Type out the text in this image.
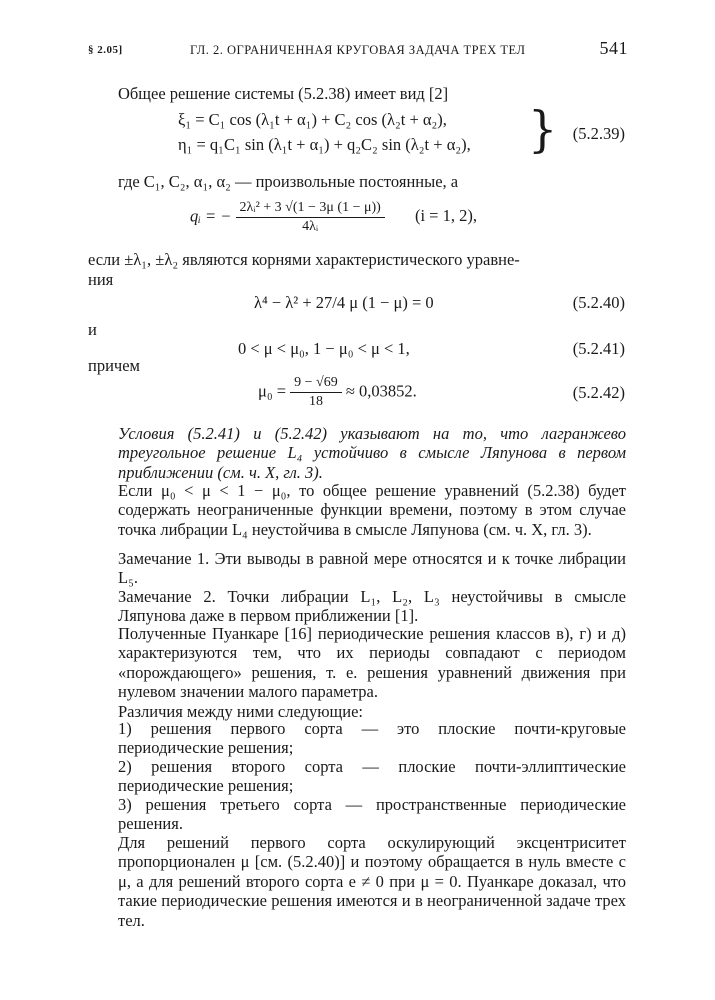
§ 2.05]	ГЛ. 2. ОГРАНИЧЕННАЯ КРУГОВАЯ ЗАДАЧА ТРЕХ ТЕЛ	541
Общее решение системы (5.2.38) имеет вид [2]
ξ₁ = C₁ cos (λ₁t + α₁) + C₂ cos (λ₂t + α₂),
η₁ = q₁C₁ sin (λ₁t + α₁) + q₂C₂ sin (λ₂t + α₂), } (5.2.39)
где C₁, C₂, α₁, α₂ — произвольные постоянные, а
qᵢ = − $\frac{\text{2λᵢ² + 3 √(1 − 3μ (1 − μ))}}{\text{4λᵢ}} (i = 1$, 2),
если ±λ₁, ±λ₂ являются корнями характеристического уравне-
ния
λ⁴ − λ² + 27/4 μ (1 − μ) = 0	(5.2.40)
и
0 < μ < μ₀, 1 − μ₀ < μ < 1,	(5.2.41)
причем
$\mu_0 = \frac{9 - √69}{18} \approx 0,03852$.	(5.2.42)
Условия (5.2.41) и (5.2.42) указывают на то, что лагранжево треугольное решение L₄ устойчиво в смысле Ляпунова в первом приближении (см. ч. X, гл. 3).
Если μ₀ < μ < 1 − μ₀, то общее решение уравнений (5.2.38) будет содержать неограниченные функции времени, поэтому в этом случае точка либрации L₄ неустойчива в смысле Ляпунова (см. ч. X, гл. 3).
Замечание 1. Эти выводы в равной мере относятся и к точке либрации L₅.
Замечание 2. Точки либрации L₁, L₂, L₃ неустойчивы в смысле Ляпунова даже в первом приближении [1].
Полученные Пуанкаре [16] периодические решения классов в), г) и д) характеризуются тем, что их периоды совпадают с периодом «порождающего» решения, т. е. решения уравнений движения при нулевом значении малого параметра.
Различия между ними следующие:
1) решения первого сорта — это плоские почти-круговые периодические решения;
2) решения второго сорта — плоские почти-эллиптические периодические решения;
3) решения третьего сорта — пространственные периодические решения.
Для решений первого сорта оскулирующий эксцентриситет пропорционален μ [см. (5.2.40)] и поэтому обращается в нуль вместе с μ, а для решений второго сорта e ≠ 0 при μ = 0. Пуанкаре доказал, что такие периодические решения имеются и в неограниченной задаче трех тел.
